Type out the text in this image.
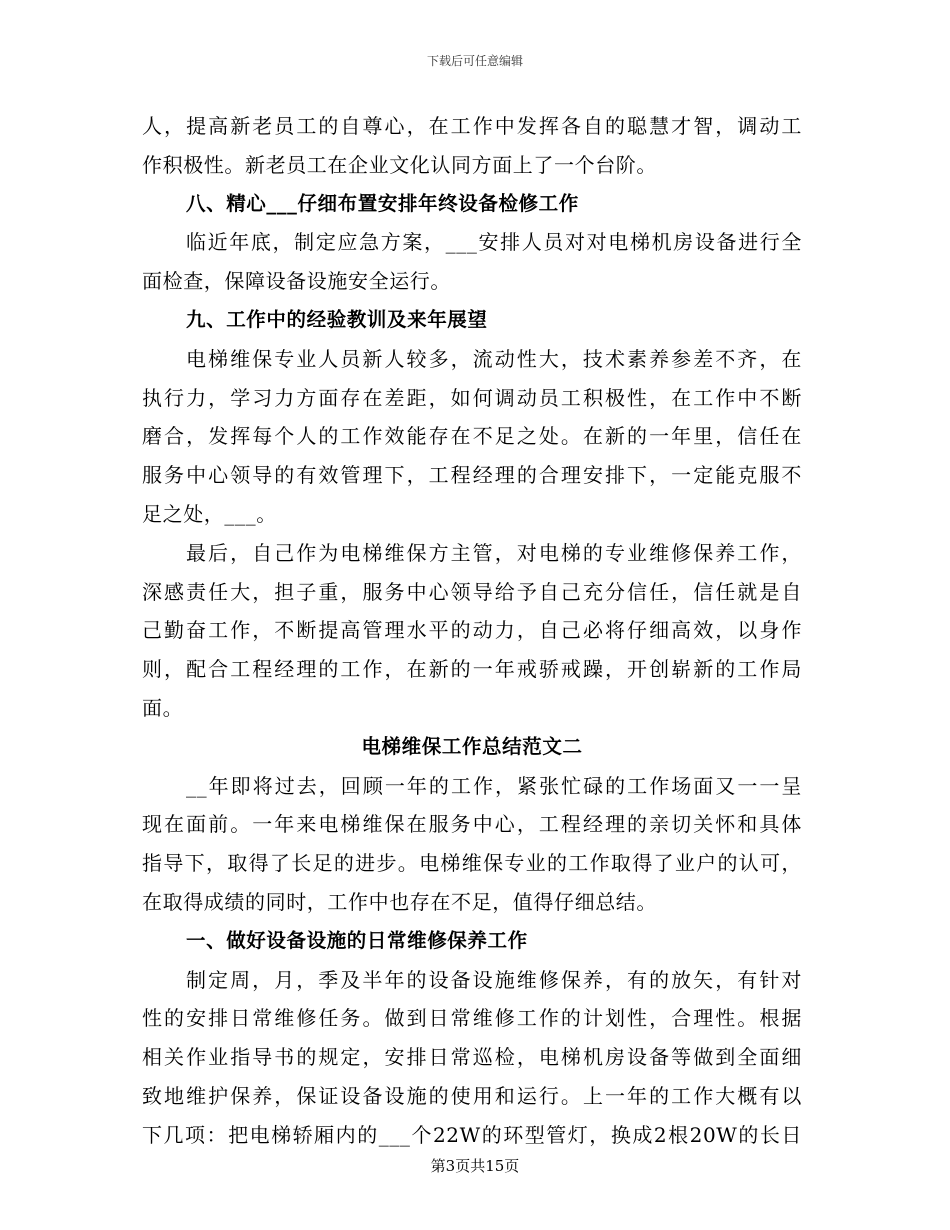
下载后可任意编辑
人，提高新老员工的自尊心，在工作中发挥各自的聪慧才智，调动工
作积极性。新老员工在企业文化认同方面上了一个台阶。
八、精心___仔细布置安排年终设备检修工作
临近年底，制定应急方案，___安排人员对对电梯机房设备进行全
面检查，保障设备设施安全运行。
九、工作中的经验教训及来年展望
电梯维保专业人员新人较多，流动性大，技术素养参差不齐，在
执行力，学习力方面存在差距，如何调动员工积极性，在工作中不断
磨合，发挥每个人的工作效能存在不足之处。在新的一年里，信任在
服务中心领导的有效管理下，工程经理的合理安排下，一定能克服不
足之处，___。
最后，自己作为电梯维保方主管，对电梯的专业维修保养工作，
深感责任大，担子重，服务中心领导给予自己充分信任，信任就是自
己勤奋工作，不断提高管理水平的动力，自己必将仔细高效，以身作
则，配合工程经理的工作，在新的一年戒骄戒躁，开创崭新的工作局
面。
电梯维保工作总结范文二
__年即将过去，回顾一年的工作，紧张忙碌的工作场面又一一呈
现在面前。一年来电梯维保在服务中心，工程经理的亲切关怀和具体
指导下，取得了长足的进步。电梯维保专业的工作取得了业户的认可，
在取得成绩的同时，工作中也存在不足，值得仔细总结。
一、做好设备设施的日常维修保养工作
制定周，月，季及半年的设备设施维修保养，有的放矢，有针对
性的安排日常维修任务。做到日常维修工作的计划性，合理性。根据
相关作业指导书的规定，安排日常巡检，电梯机房设备等做到全面细
致地维护保养，保证设备设施的使用和运行。上一年的工作大概有以
下几项：把电梯轿厢内的___个22W的环型管灯，换成2根20W的长日
第3页共15页
